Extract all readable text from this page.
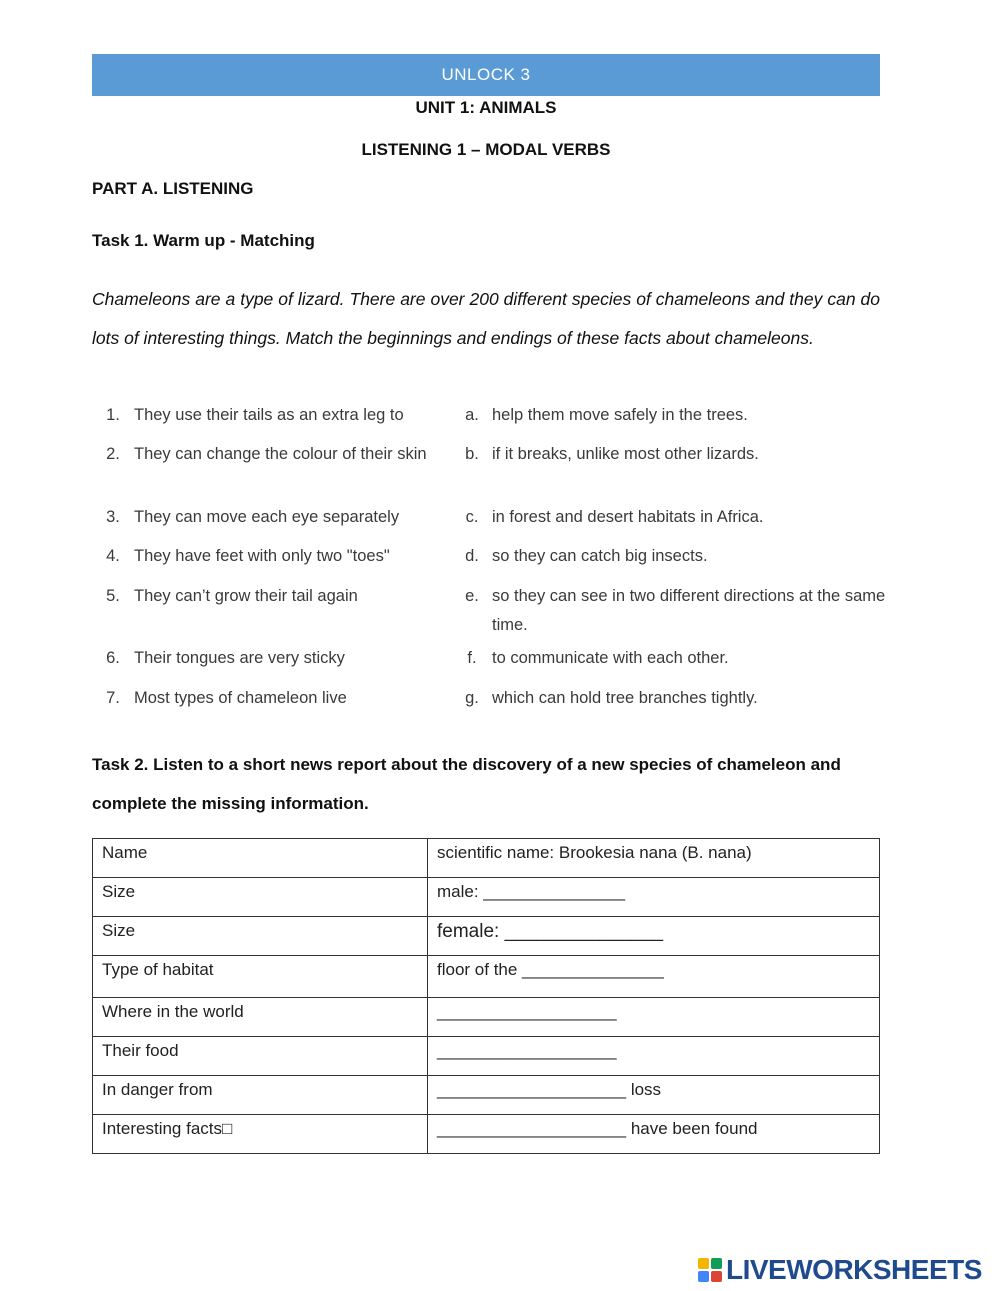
UNLOCK 3
UNIT 1: ANIMALS
LISTENING 1 – MODAL VERBS
PART A. LISTENING
Task 1. Warm up - Matching
Chameleons are a type of lizard. There are over 200 different species of chameleons and they can do lots of interesting things. Match the beginnings and endings of these facts about chameleons.
1. They use their tails as an extra leg to	a. help them move safely in the trees.
2. They can change the colour of their skin	b. if it breaks, unlike most other lizards.
3. They can move each eye separately	c. in forest and desert habitats in Africa.
4. They have feet with only two "toes"	d. so they can catch big insects.
5. They can’t grow their tail again	e. so they can see in two different directions at the same time.
6. Their tongues are very sticky	f. to communicate with each other.
7. Most types of chameleon live	g. which can hold tree branches tightly.
Task 2. Listen to a short news report about the discovery of a new species of chameleon and complete the missing information.
Name	scientific name: Brookesia nana (B. nana)
Size	male: _______________
Size	female: _______________
Type of habitat	floor of the _______________
Where in the world	___________________
Their food	___________________
In danger from	____________________ loss
Interesting facts□	____________________ have been found
LIVEWORKSHEETS
